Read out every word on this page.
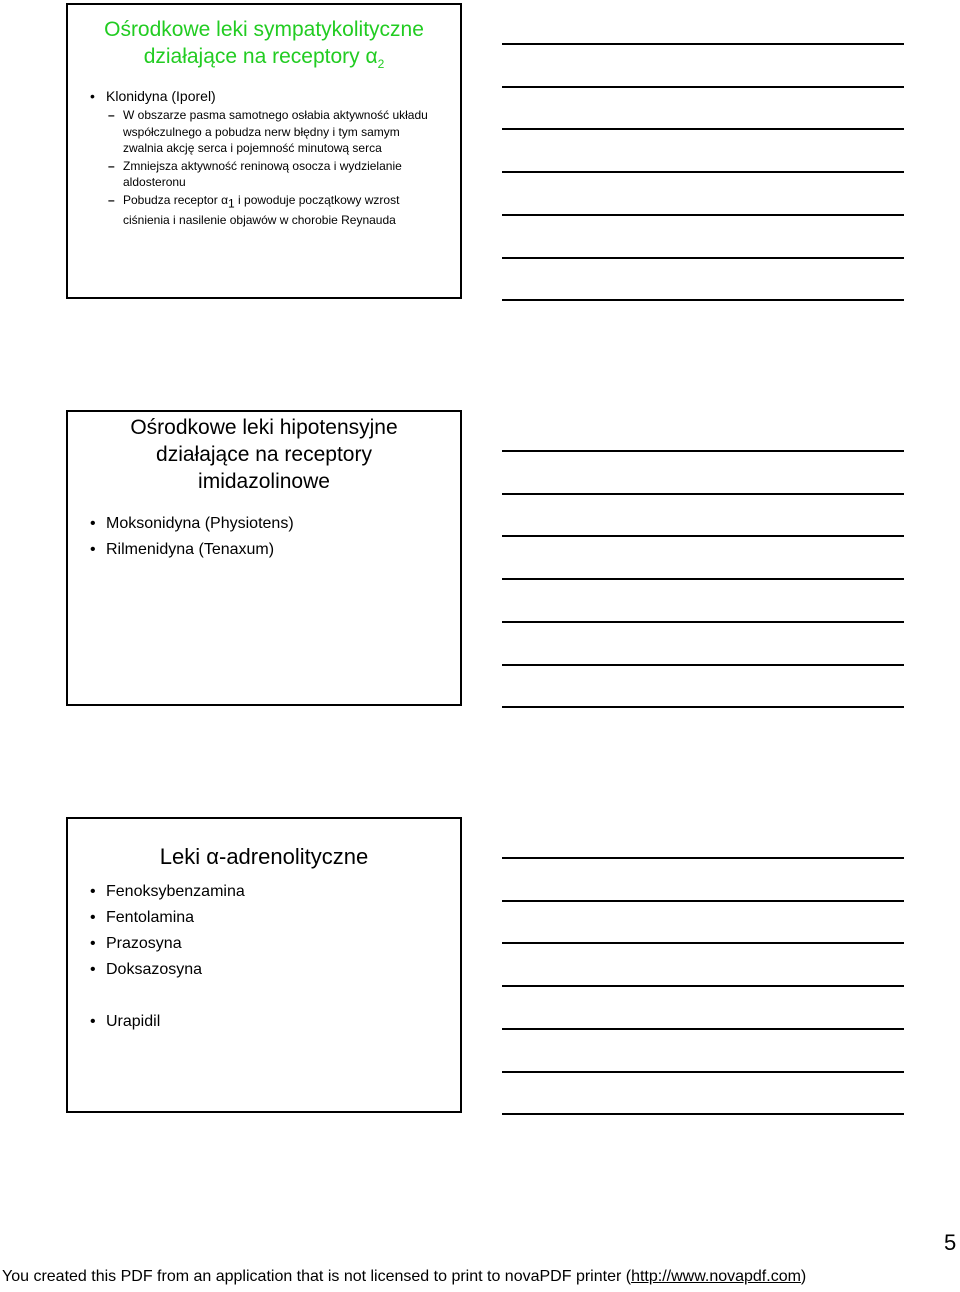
Ośrodkowe leki sympatykolityczne
działające na receptory $\alpha_2$
• Klonidyna (Iporel)
– W obszarze pasma samotnego osłabia aktywność układu współczulnego a pobudza nerw błędny i tym samym zwalnia akcję serca i pojemność minutową serca
– Zmniejsza aktywność reninową osocza i wydzielanie aldosteronu
– Pobudza receptor $\alpha_1$ i powoduje początkowy wzrost ciśnienia i nasilenie objawów w chorobie Reynauda
Ośrodkowe leki hipotensyjne
działające na receptory
imidazolinowe
• Moksonidyna (Physiotens)
• Rilmenidyna (Tenaxum)
Leki α-adrenolityczne
• Fenoksybenzamina
• Fentolamina
• Prazosyna
• Doksazosyna
• Urapidil
5
You created this PDF from an application that is not licensed to print to novaPDF printer (http://www.novapdf.com)
